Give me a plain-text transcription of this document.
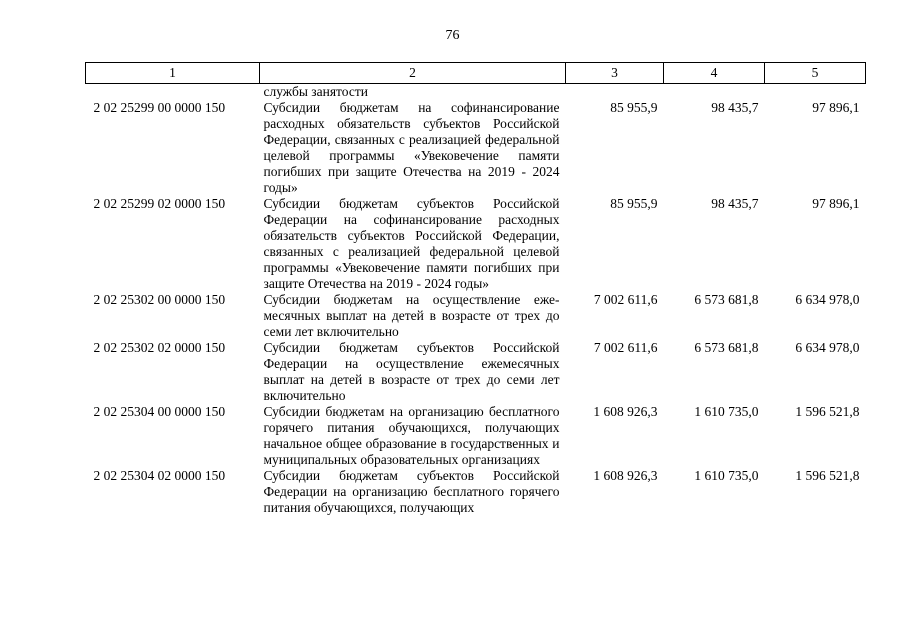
76
1	2	3	4	5
	службы занятости			
2 02 25299 00 0000 150	Субсидии бюджетам на софинансирование расходных обязательств субъектов Российской Федерации, связанных с реализацией федеральной целевой программы «Увековечение памяти погибших при защите Отечества на 2019 - 2024 годы»	85 955,9	98 435,7	97 896,1
2 02 25299 02 0000 150	Субсидии бюджетам субъектов Российской Федерации на софинансирование расходных обязательств субъектов Российской Федерации, связанных с реализацией федеральной целевой программы «Увековечение памяти погибших при защите Отечества на 2019 - 2024 годы»	85 955,9	98 435,7	97 896,1
2 02 25302 00 0000 150	Субсидии бюджетам на осуществление ежемесячных выплат на детей в возрасте от трех до семи лет включительно	7 002 611,6	6 573 681,8	6 634 978,0
2 02 25302 02 0000 150	Субсидии бюджетам субъектов Российской Федерации на осуществление ежемесячных выплат на детей в возрасте от трех до семи лет включительно	7 002 611,6	6 573 681,8	6 634 978,0
2 02 25304 00 0000 150	Субсидии бюджетам на организацию бесплатного горячего питания обучающихся, получающих начальное общее образование в государственных и муниципальных образовательных организациях	1 608 926,3	1 610 735,0	1 596 521,8
2 02 25304 02 0000 150	Субсидии бюджетам субъектов Российской Федерации на организацию бесплатного горячего питания обучающихся, получающих	1 608 926,3	1 610 735,0	1 596 521,8
